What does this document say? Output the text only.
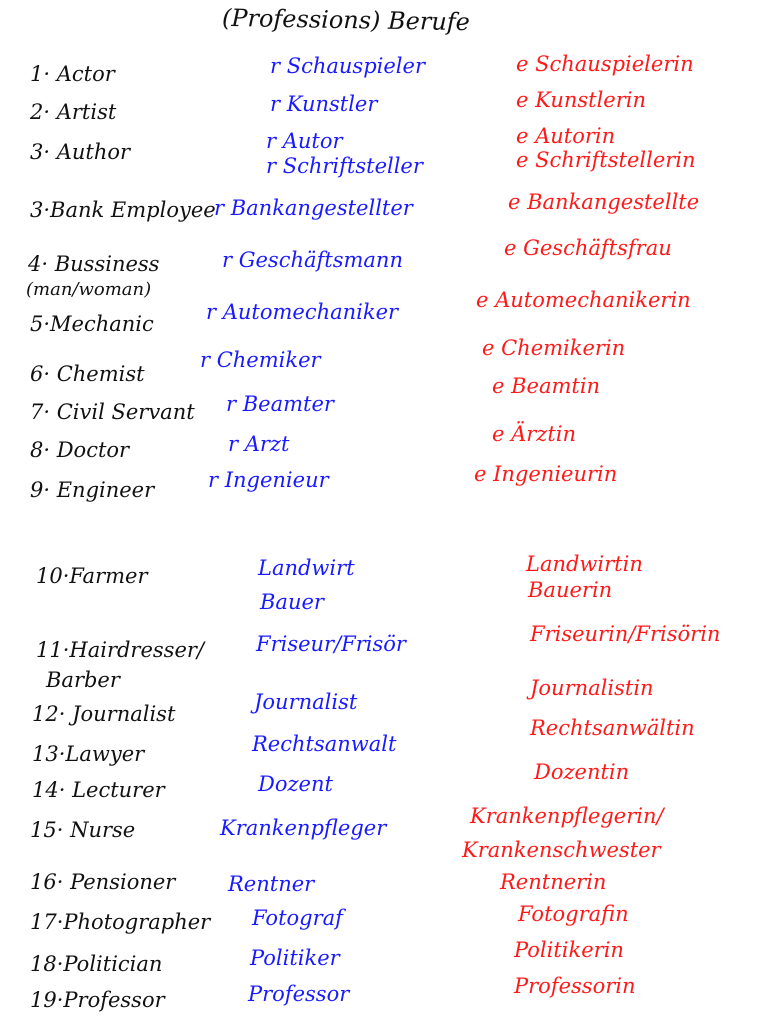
(Professions) Berufe
1· Actor
2· Artist
3· Author
3·Bank Employee
4· Bussiness
(man/woman)
5·Mechanic
6· Chemist
7· Civil Servant
8· Doctor
9· Engineer
10·Farmer
11·Hairdresser/
Barber
12· Journalist
13·Lawyer
14· Lecturer
15· Nurse
16· Pensioner
17·Photographer
18·Politician
19·Professor
r Schauspieler
r Kunstler
r Autor
r Schriftsteller
r Bankangestellter
r Geschäftsmann
r Automechaniker
r Chemiker
r Beamter
r Arzt
r Ingenieur
Landwirt
Bauer
Friseur/Frisör
Journalist
Rechtsanwalt
Dozent
Krankenpfleger
Rentner
Fotograf
Politiker
Professor
e Schauspielerin
e Kunstlerin
e Autorin
e Schriftstellerin
e Bankangestellte
e Geschäftsfrau
e Automechanikerin
e Chemikerin
e Beamtin
e Ärztin
e Ingenieurin
Landwirtin
Bauerin
Friseurin/Frisörin
Journalistin
Rechtsanwältin
Dozentin
Krankenpflegerin/
Krankenschwester
Rentnerin
Fotografin
Politikerin
Professorin
